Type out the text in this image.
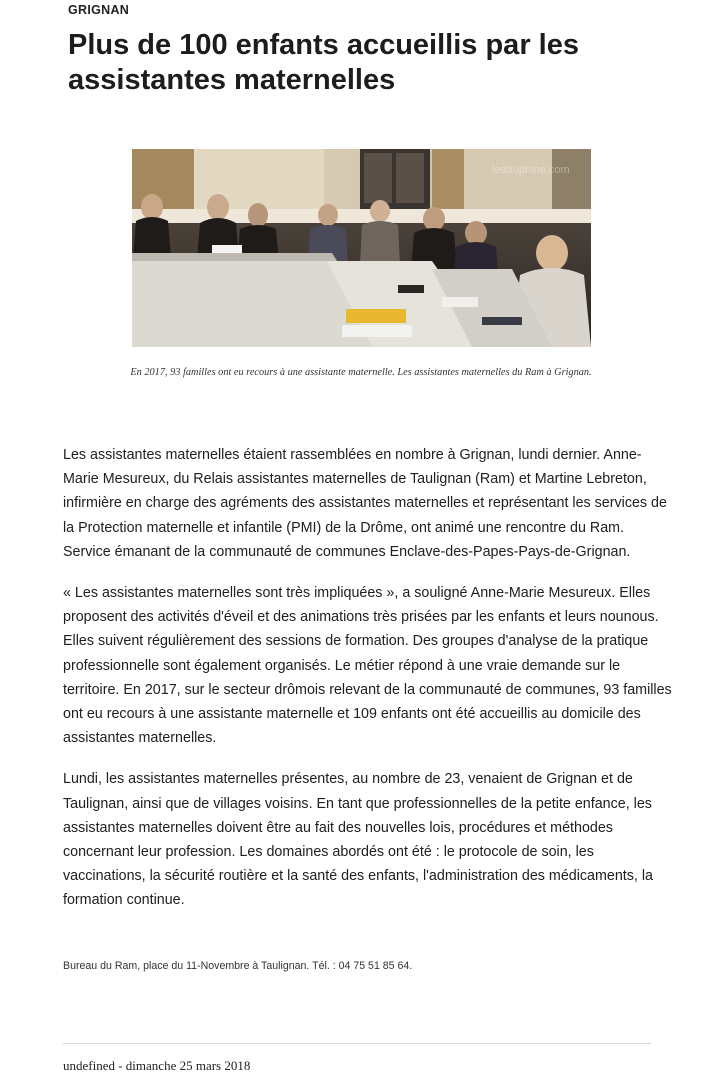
GRIGNAN
Plus de 100 enfants accueillis par les assistantes maternelles
ledauphine.com
En 2017, 93 familles ont eu recours à une assistante maternelle. Les assistantes maternelles du Ram à Grignan.

Les assistantes maternelles étaient rassemblées en nombre à Grignan, lundi dernier. Anne-Marie Mesureux, du Relais assistantes maternelles de Taulignan (Ram) et Martine Lebreton, infirmière en charge des agréments des assistantes maternelles et représentant les services de la Protection maternelle et infantile (PMI) de la Drôme, ont animé une rencontre du Ram. Service émanant de la communauté de communes Enclave-des-Papes-Pays-de-Grignan.

« Les assistantes maternelles sont très impliquées », a souligné Anne-Marie Mesureux. Elles proposent des activités d'éveil et des animations très prisées par les enfants et leurs nounous. Elles suivent régulièrement des sessions de formation. Des groupes d'analyse de la pratique professionnelle sont également organisés. Le métier répond à une vraie demande sur le territoire. En 2017, sur le secteur drômois relevant de la communauté de communes, 93 familles ont eu recours à une assistante maternelle et 109 enfants ont été accueillis au domicile des assistantes maternelles.

Lundi, les assistantes maternelles présentes, au nombre de 23, venaient de Grignan et de Taulignan, ainsi que de villages voisins. En tant que professionnelles de la petite enfance, les assistantes maternelles doivent être au fait des nouvelles lois, procédures et méthodes concernant leur profession. Les domaines abordés ont été : le protocole de soin, les vaccinations, la sécurité routière et la santé des enfants, l'administration des médicaments, la formation continue.

Bureau du Ram, place du 11-Novembre à Taulignan. Tél. : 04 75 51 85 64.
undefined - dimanche 25 mars 2018
